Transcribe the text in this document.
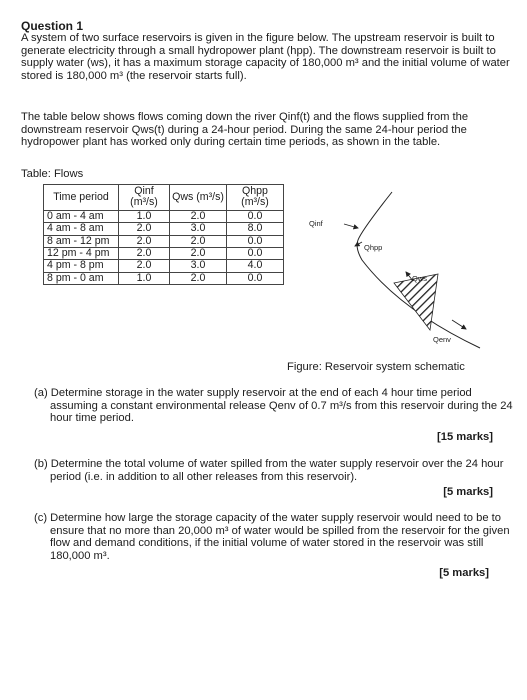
Question 1
A system of two surface reservoirs is given in the figure below. The upstream reservoir is built to generate electricity through a small hydropower plant (hpp). The downstream reservoir is built to supply water (ws), it has a maximum storage capacity of 180,000 m³ and the initial volume of water stored is 180,000 m³ (the reservoir starts full).
The table below shows flows coming down the river Qinf(t) and the flows supplied from the downstream reservoir Qws(t) during a 24-hour period. During the same 24-hour period the hydropower plant has worked only during certain time periods, as shown in the table.
Table: Flows
Time period	Qinf (m³/s)	Qws (m³/s)	Qhpp (m³/s)
0 am - 4 am	1.0	2.0	0.0
4 am - 8 am	2.0	3.0	8.0
8 am - 12 pm	2.0	2.0	0.0
12 pm - 4 pm	2.0	2.0	0.0
4 pm - 8 pm	2.0	3.0	4.0
8 pm - 0 am	1.0	2.0	0.0
Qinf
Qhpp
Qws
Qenv
Figure: Reservoir system schematic
(a) Determine storage in the water supply reservoir at the end of each 4 hour time period assuming a constant environmental release Qenv of 0.7 m³/s from this reservoir during the 24 hour time period.
[15 marks]
(b) Determine the total volume of water spilled from the water supply reservoir over the 24 hour period (i.e. in addition to all other releases from this reservoir).
[5 marks]
(c) Determine how large the storage capacity of the water supply reservoir would need to be to ensure that no more than 20,000 m³ of water would be spilled from the reservoir for the given flow and demand conditions, if the initial volume of water stored in the reservoir was still 180,000 m³.
[5 marks]
